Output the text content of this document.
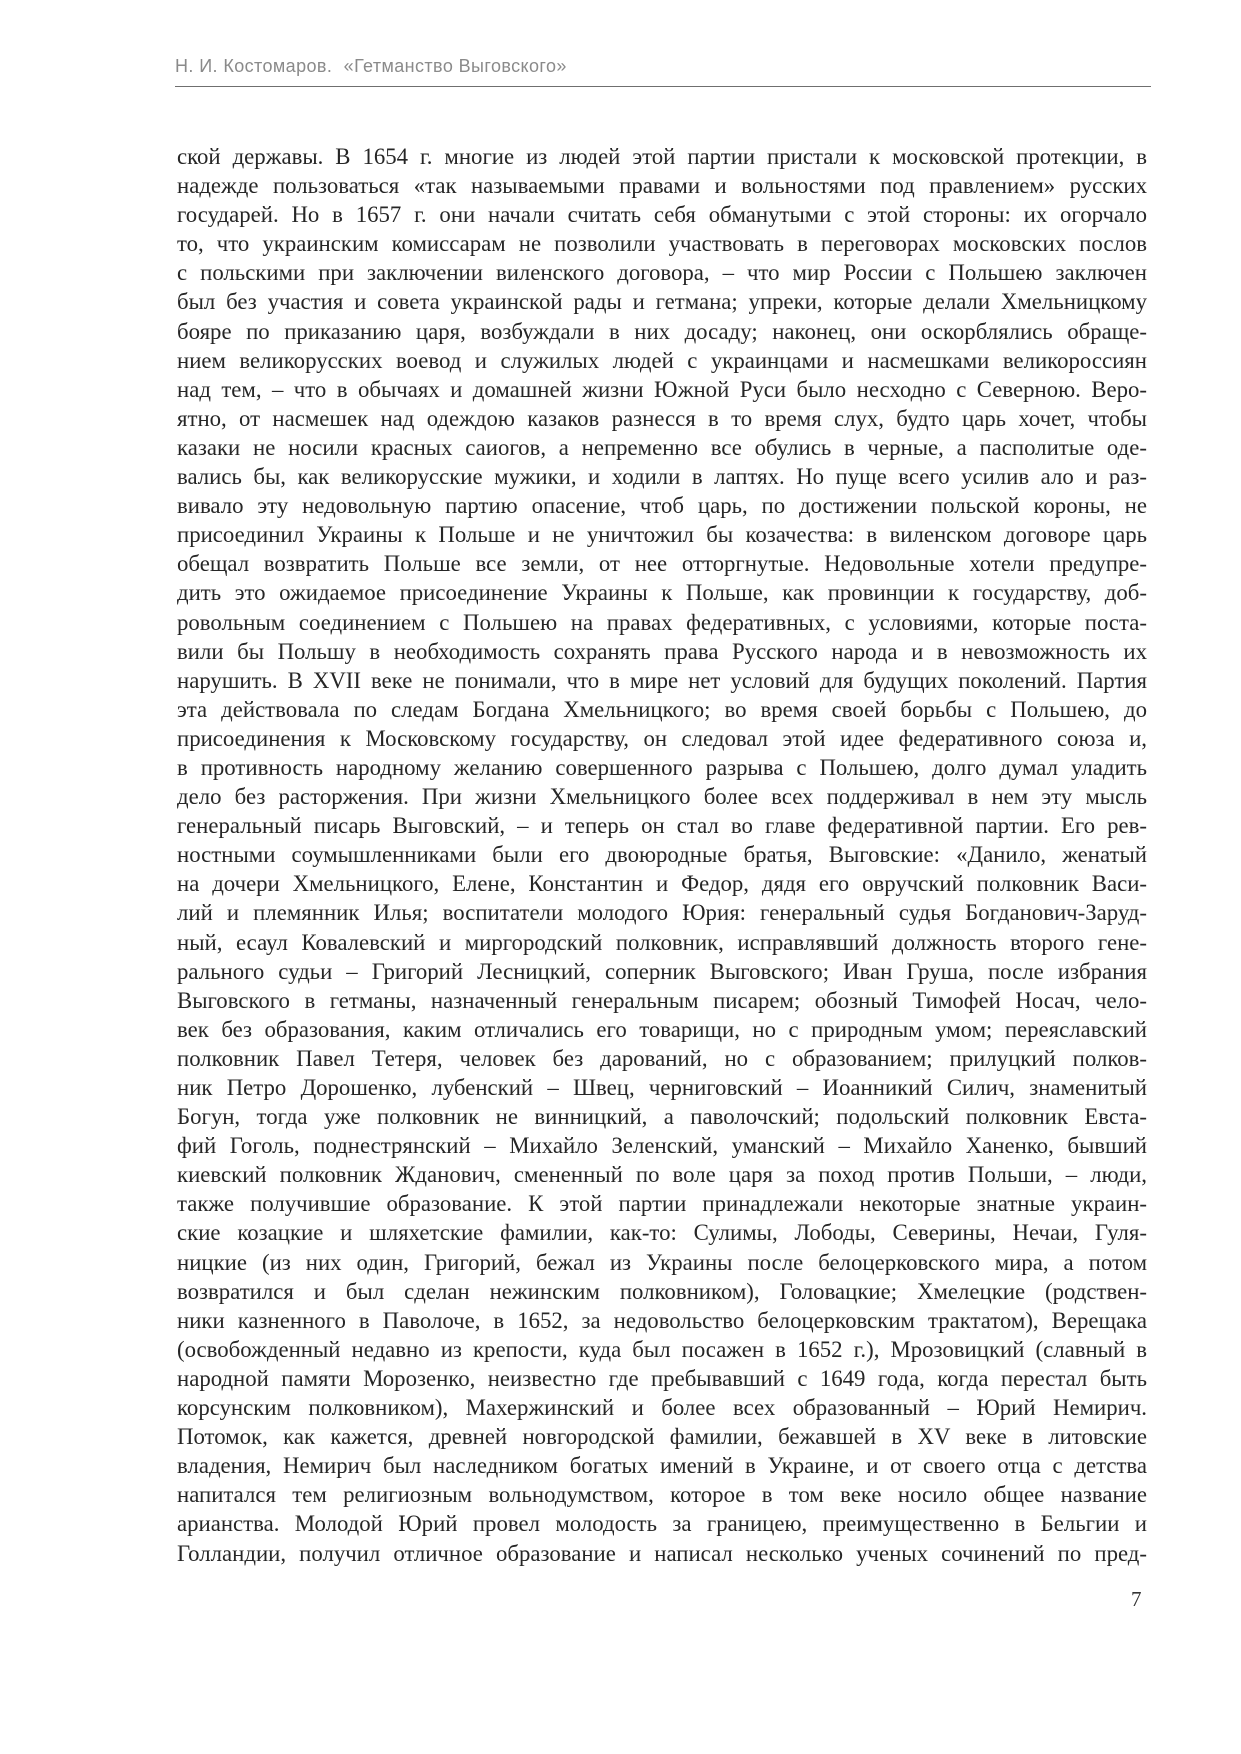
Н. И. Костомаров. «Гетманство Выговского»
ской державы. В 1654 г. многие из людей этой партии пристали к московской протекции, в
надежде пользоваться «так называемыми правами и вольностями под правлением» русских
государей. Но в 1657 г. они начали считать себя обманутыми с этой стороны: их огорчало
то, что украинским комиссарам не позволили участвовать в переговорах московских послов
с польскими при заключении виленского договора, – что мир России с Польшею заключен
был без участия и совета украинской рады и гетмана; упреки, которые делали Хмельницкому
бояре по приказанию царя, возбуждали в них досаду; наконец, они оскорблялись обраще-
нием великорусских воевод и служилых людей с украинцами и насмешками великороссиян
над тем, – что в обычаях и домашней жизни Южной Руси было несходно с Северною. Веро-
ятно, от насмешек над одеждою казаков разнесся в то время слух, будто царь хочет, чтобы
казаки не носили красных саиогов, а непременно все обулись в черные, а пасполитые оде-
вались бы, как великорусские мужики, и ходили в лаптях. Но пуще всего усилив ало и раз-
вивало эту недовольную партию опасение, чтоб царь, по достижении польской короны, не
присоединил Украины к Польше и не уничтожил бы козачества: в виленском договоре царь
обещал возвратить Польше все земли, от нее отторгнутые. Недовольные хотели предупре-
дить это ожидаемое присоединение Украины к Польше, как провинции к государству, доб-
ровольным соединением с Польшею на правах федеративных, с условиями, которые поста-
вили бы Польшу в необходимость сохранять права Русского народа и в невозможность их
нарушить. В XVII веке не понимали, что в мире нет условий для будущих поколений. Партия
эта действовала по следам Богдана Хмельницкого; во время своей борьбы с Польшею, до
присоединения к Московскому государству, он следовал этой идее федеративного союза и,
в противность народному желанию совершенного разрыва с Польшею, долго думал уладить
дело без расторжения. При жизни Хмельницкого более всех поддерживал в нем эту мысль
генеральный писарь Выговский, – и теперь он стал во главе федеративной партии. Его рев-
ностными соумышленниками были его двоюродные братья, Выговские: «Данило, женатый
на дочери Хмельницкого, Елене, Константин и Федор, дядя его овручский полковник Васи-
лий и племянник Илья; воспитатели молодого Юрия: генеральный судья Богданович-Заруд-
ный, есаул Ковалевский и миргородский полковник, исправлявший должность второго гене-
рального судьи – Григорий Лесницкий, соперник Выговского; Иван Груша, после избрания
Выговского в гетманы, назначенный генеральным писарем; обозный Тимофей Носач, чело-
век без образования, каким отличались его товарищи, но с природным умом; переяславский
полковник Павел Тетеря, человек без дарований, но с образованием; прилуцкий полков-
ник Петро Дорошенко, лубенский – Швец, черниговский – Иоанникий Силич, знаменитый
Богун, тогда уже полковник не винницкий, а паволочский; подольский полковник Евста-
фий Гоголь, поднестрянский – Михайло Зеленский, уманский – Михайло Ханенко, бывший
киевский полковник Жданович, смененный по воле царя за поход против Польши, – люди,
также получившие образование. К этой партии принадлежали некоторые знатные украин-
ские козацкие и шляхетские фамилии, как-то: Сулимы, Лободы, Северины, Нечаи, Гуля-
ницкие (из них один, Григорий, бежал из Украины после белоцерковского мира, а потом
возвратился и был сделан нежинским полковником), Головацкие; Хмелецкие (родствен-
ники казненного в Паволоче, в 1652, за недовольство белоцерковским трактатом), Верещака
(освобожденный недавно из крепости, куда был посажен в 1652 г.), Мрозовицкий (славный в
народной памяти Морозенко, неизвестно где пребывавший с 1649 года, когда перестал быть
корсунским полковником), Махержинский и более всех образованный – Юрий Немирич.
Потомок, как кажется, древней новгородской фамилии, бежавшей в XV веке в литовские
владения, Немирич был наследником богатых имений в Украине, и от своего отца с детства
напитался тем религиозным вольнодумством, которое в том веке носило общее название
арианства. Молодой Юрий провел молодость за границею, преимущественно в Бельгии и
Голландии, получил отличное образование и написал несколько ученых сочинений по пред-
7
